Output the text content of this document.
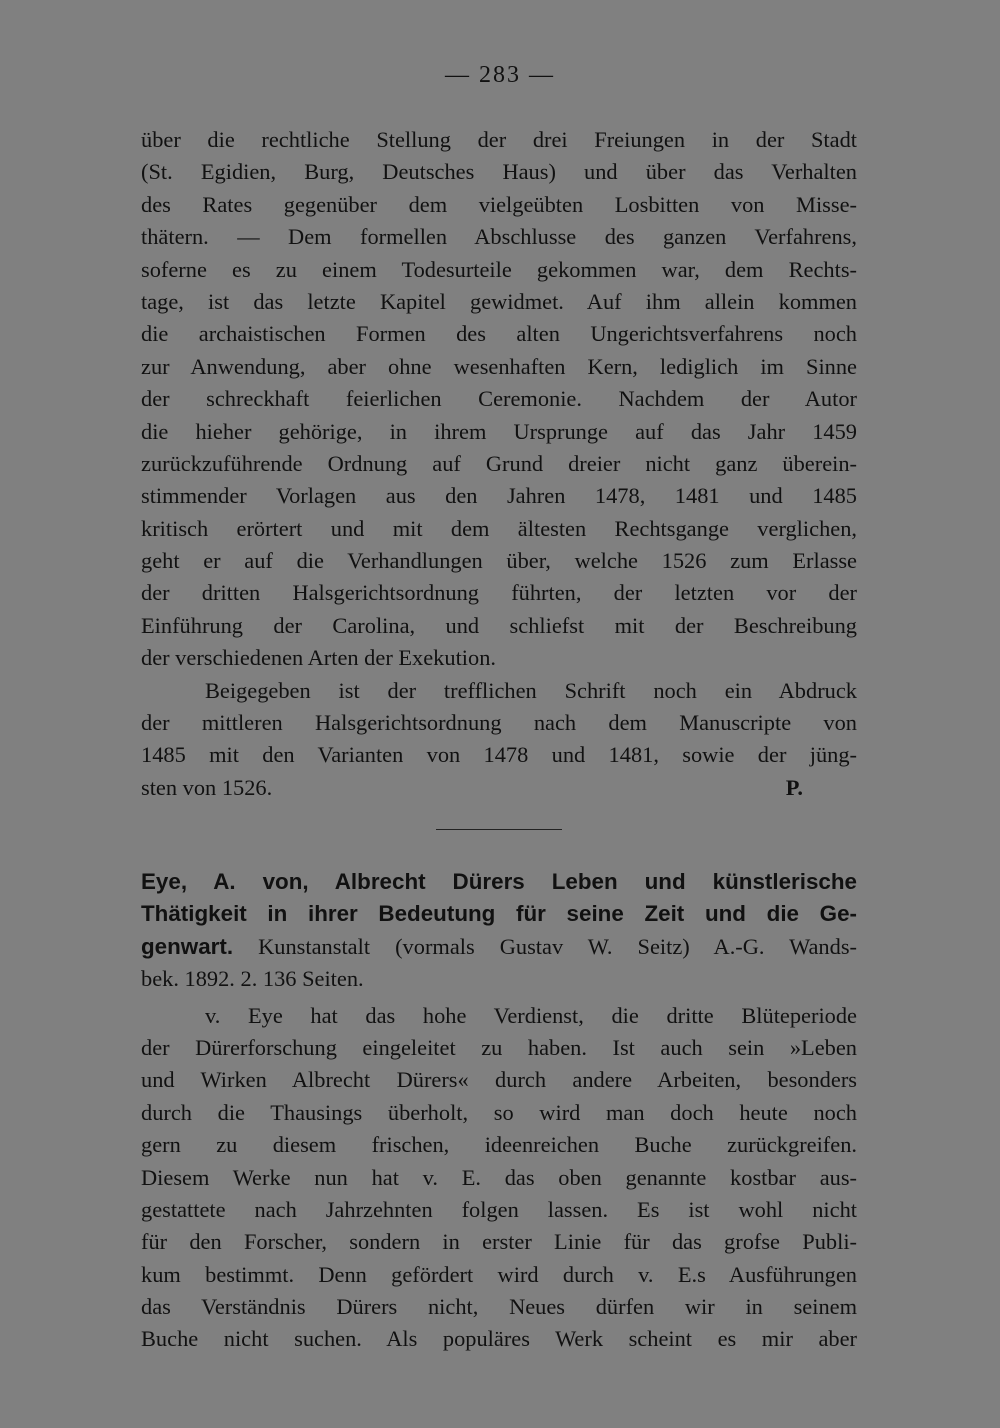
— 283 —
über die rechtliche Stellung der drei Freiungen in der Stadt
(St. Egidien, Burg, Deutsches Haus) und über das Verhalten
des Rates gegenüber dem vielgeübten Losbitten von Misse-
thätern. — Dem formellen Abschlusse des ganzen Verfahrens,
soferne es zu einem Todesurteile gekommen war, dem Rechts-
tage, ist das letzte Kapitel gewidmet. Auf ihm allein kommen
die archaistischen Formen des alten Ungerichtsverfahrens noch
zur Anwendung, aber ohne wesenhaften Kern, lediglich im Sinne
der schreckhaft feierlichen Ceremonie. Nachdem der Autor
die hieher gehörige, in ihrem Ursprunge auf das Jahr 1459
zurückzuführende Ordnung auf Grund dreier nicht ganz überein-
stimmender Vorlagen aus den Jahren 1478, 1481 und 1485
kritisch erörtert und mit dem ältesten Rechtsgange verglichen,
geht er auf die Verhandlungen über, welche 1526 zum Erlasse
der dritten Halsgerichtsordnung führten, der letzten vor der
Einführung der Carolina, und schliefst mit der Beschreibung
der verschiedenen Arten der Exekution.
Beigegeben ist der trefflichen Schrift noch ein Abdruck
der mittleren Halsgerichtsordnung nach dem Manuscripte von
1485 mit den Varianten von 1478 und 1481, sowie der jüng-
sten von 1526.	P.
Eye, A. von, Albrecht Dürers Leben und künstlerische
Thätigkeit in ihrer Bedeutung für seine Zeit und die Ge-
genwart. Kunstanstalt (vormals Gustav W. Seitz) A.-G. Wands-
bek. 1892. 2. 136 Seiten.
v. Eye hat das hohe Verdienst, die dritte Blüteperiode
der Dürerforschung eingeleitet zu haben. Ist auch sein »Leben
und Wirken Albrecht Dürers« durch andere Arbeiten, besonders
durch die Thausings überholt, so wird man doch heute noch
gern zu diesem frischen, ideenreichen Buche zurückgreifen.
Diesem Werke nun hat v. E. das oben genannte kostbar aus-
gestattete nach Jahrzehnten folgen lassen. Es ist wohl nicht
für den Forscher, sondern in erster Linie für das grofse Publi-
kum bestimmt. Denn gefördert wird durch v. E.s Ausführungen
das Verständnis Dürers nicht, Neues dürfen wir in seinem
Buche nicht suchen. Als populäres Werk scheint es mir aber
